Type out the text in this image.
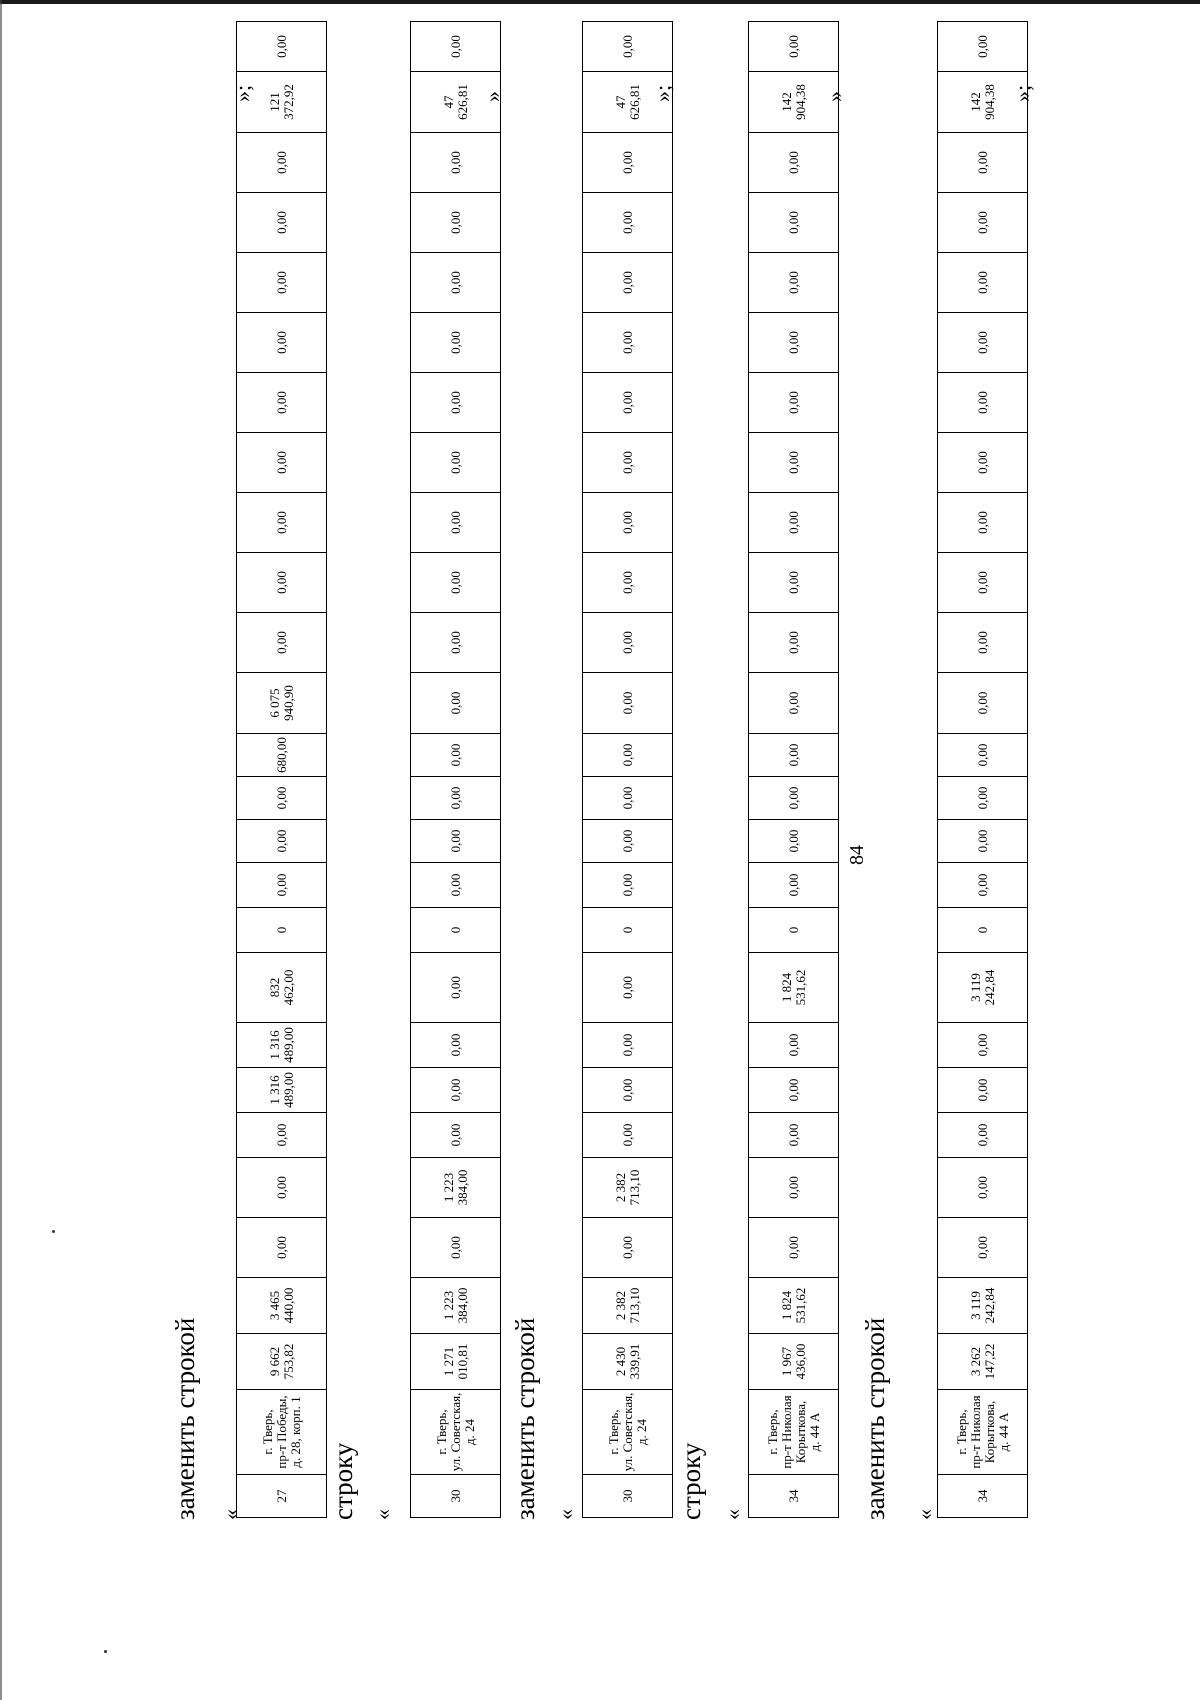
84
заменить строкой «
27	г. Тверь,
пр-т Победы,
д. 28, корп. 1	9 662
753,82	3 465
440,00	0,00	0,00	0,00	1 316
489,00	1 316
489,00	832
462,00	0	0,00	0,00	0,00	680,00	6 075
940,90	0,00	0,00	0,00	0,00	0,00	0,00	0,00	0,00	0,00	121
372,92	0,00
»;
строку «
30	г. Тверь,
ул. Советская,
д. 24	1 271
010,81	1 223
384,00	0,00	1 223
384,00	0,00	0,00	0,00	0,00	0	0,00	0,00	0,00	0,00	0,00	0,00	0,00	0,00	0,00	0,00	0,00	0,00	0,00	0,00	47
626,81	0,00
»
заменить строкой «
30	г. Тверь,
ул. Советская,
д. 24	2 430
339,91	2 382
713,10	0,00	2 382
713,10	0,00	0,00	0,00	0,00	0	0,00	0,00	0,00	0,00	0,00	0,00	0,00	0,00	0,00	0,00	0,00	0,00	0,00	0,00	47
626,81	0,00
»;
строку «
34	г. Тверь,
пр-т Николая
Корыткова,
д. 44 А	1 967
436,00	1 824
531,62	0,00	0,00	0,00	0,00	0,00	1 824
531,62	0	0,00	0,00	0,00	0,00	0,00	0,00	0,00	0,00	0,00	0,00	0,00	0,00	0,00	0,00	142
904,38	0,00
»
заменить строкой «
34	г. Тверь,
пр-т Николая
Корыткова,
д. 44 А	3 262
147,22	3 119
242,84	0,00	0,00	0,00	0,00	0,00	3 119
242,84	0	0,00	0,00	0,00	0,00	0,00	0,00	0,00	0,00	0,00	0,00	0,00	0,00	0,00	0,00	142
904,38	0,00
»;
